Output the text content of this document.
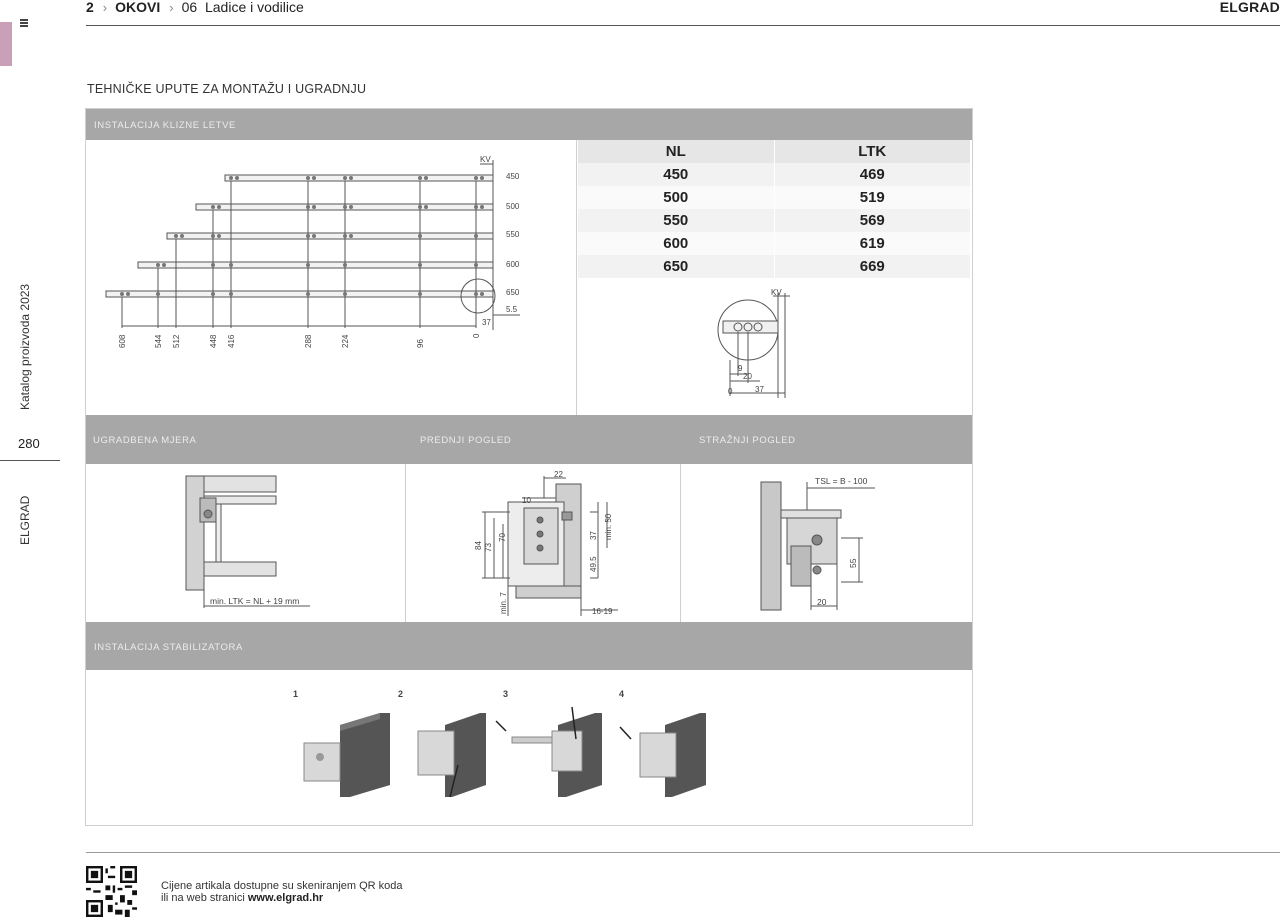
Katalog proizvoda 2023
280
ELGRAD
2 › OKOVI › 06
Ladice i vodilice	ELGRAD
TEHNIČKE UPUTE ZA MONTAŽU I UGRADNJU
INSTALACIJA KLIZNE LETVE
KV
450
500
550
600
650
5.5
37
608	544 512	448 416	288	224	96
0
NL	LTK
450	469
500	519
550	569
600	619
650	669
KV
9
20
0	37
UGRADBENA MJERA	PREDNJI POGLED	STRAŽNJI POGLED
min. LTK = NL + 19 mm
22
10
84 73
70	37
49.5
min. 50
min. 7	16-19
TSL = B - 100
55
20
INSTALACIJA STABILIZATORA
1	2	3	4
Cijene artikala dostupne su skeniranjem QR koda
ili na web stranici www.elgrad.hr
